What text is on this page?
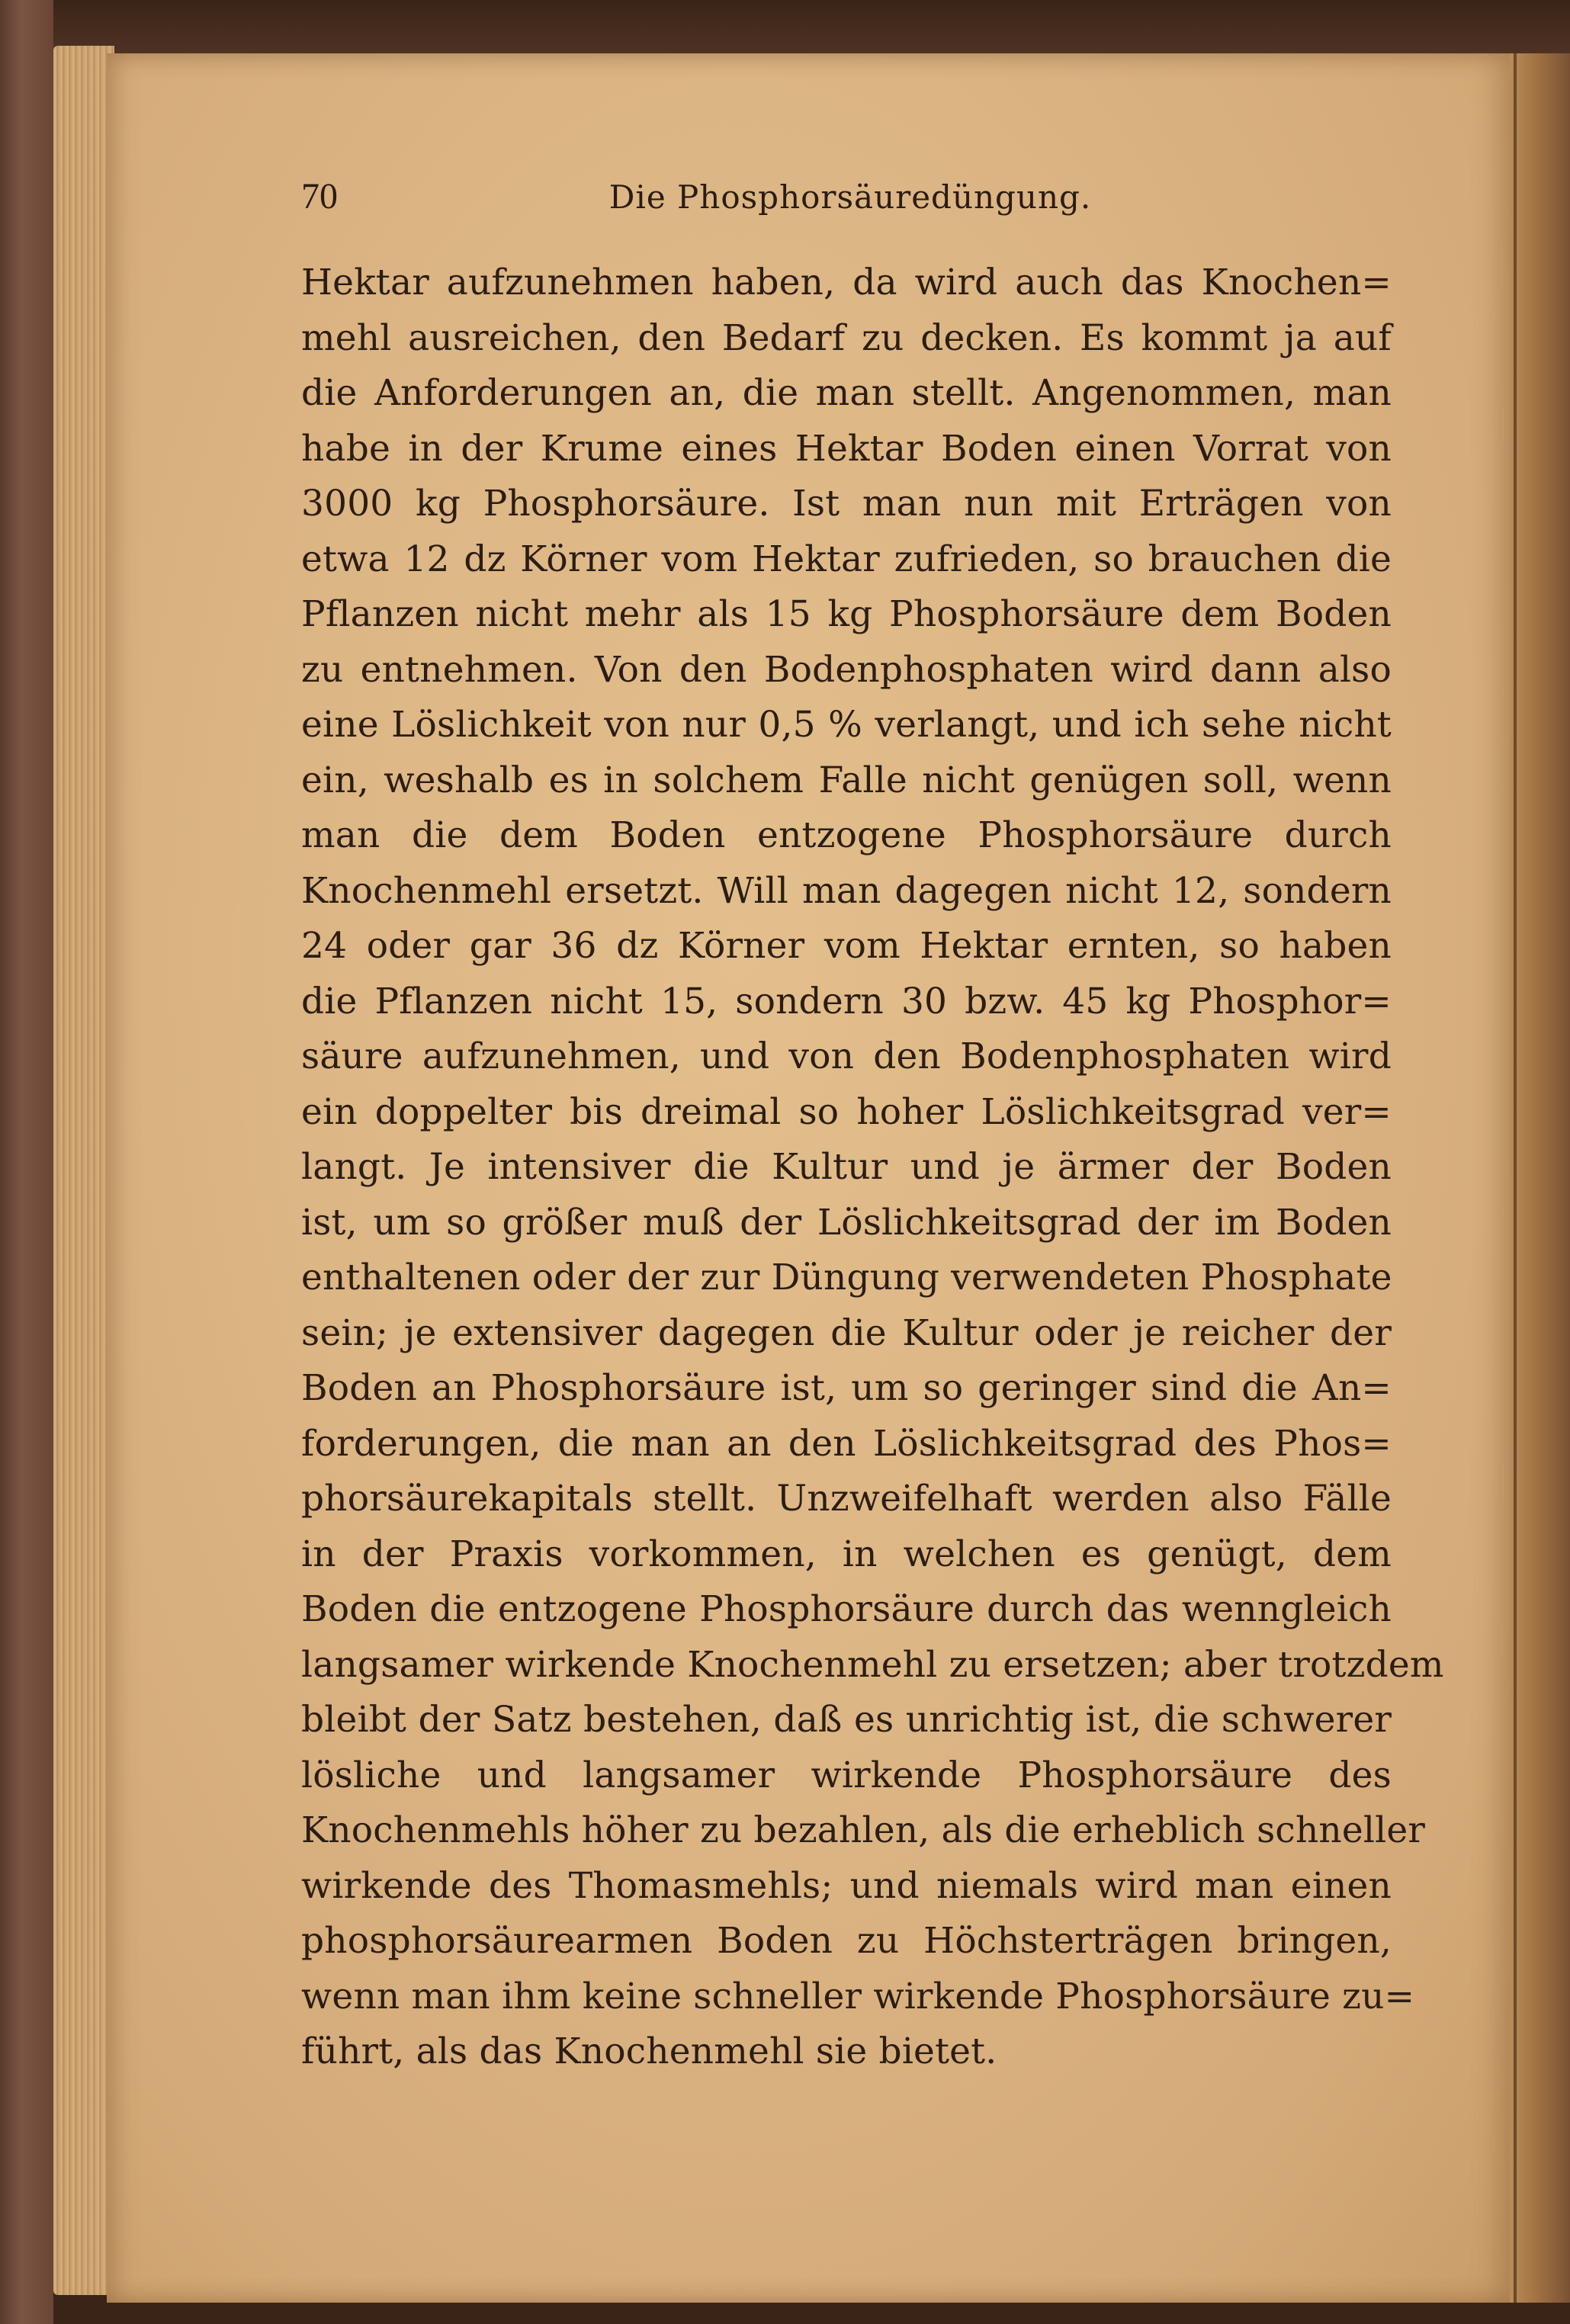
70	Die Phosphorsäuredüngung.
Hektar aufzunehmen haben, da wird auch das Knochen=
mehl ausreichen, den Bedarf zu decken. Es kommt ja auf
die Anforderungen an, die man stellt. Angenommen, man
habe in der Krume eines Hektar Boden einen Vorrat von
3000 kg Phosphorsäure. Ist man nun mit Erträgen von
etwa 12 dz Körner vom Hektar zufrieden, so brauchen die
Pflanzen nicht mehr als 15 kg Phosphorsäure dem Boden
zu entnehmen. Von den Bodenphosphaten wird dann also
eine Löslichkeit von nur 0,5 % verlangt, und ich sehe nicht
ein, weshalb es in solchem Falle nicht genügen soll, wenn
man die dem Boden entzogene Phosphorsäure durch
Knochenmehl ersetzt. Will man dagegen nicht 12, sondern
24 oder gar 36 dz Körner vom Hektar ernten, so haben
die Pflanzen nicht 15, sondern 30 bzw. 45 kg Phosphor=
säure aufzunehmen, und von den Bodenphosphaten wird
ein doppelter bis dreimal so hoher Löslichkeitsgrad ver=
langt. Je intensiver die Kultur und je ärmer der Boden
ist, um so größer muß der Löslichkeitsgrad der im Boden
enthaltenen oder der zur Düngung verwendeten Phosphate
sein; je extensiver dagegen die Kultur oder je reicher der
Boden an Phosphorsäure ist, um so geringer sind die An=
forderungen, die man an den Löslichkeitsgrad des Phos=
phorsäurekapitals stellt. Unzweifelhaft werden also Fälle
in der Praxis vorkommen, in welchen es genügt, dem
Boden die entzogene Phosphorsäure durch das wenngleich
langsamer wirkende Knochenmehl zu ersetzen; aber trotzdem
bleibt der Satz bestehen, daß es unrichtig ist, die schwerer
lösliche und langsamer wirkende Phosphorsäure des
Knochenmehls höher zu bezahlen, als die erheblich schneller
wirkende des Thomasmehls; und niemals wird man einen
phosphorsäurearmen Boden zu Höchsterträgen bringen,
wenn man ihm keine schneller wirkende Phosphorsäure zu=
führt, als das Knochenmehl sie bietet.
